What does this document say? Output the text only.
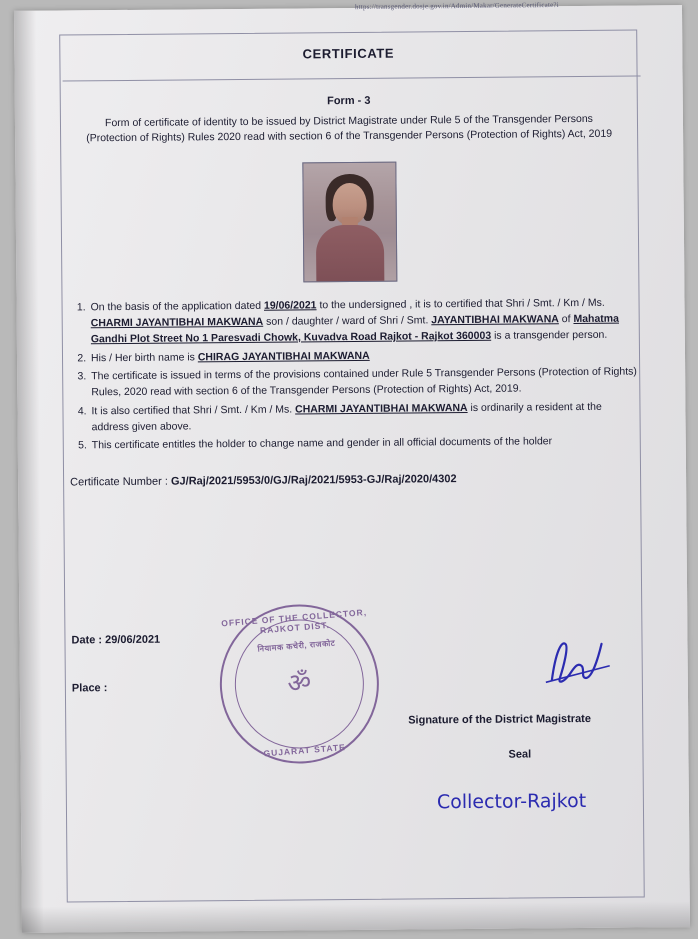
CERTIFICATE
Form - 3
Form of certificate of identity to be issued by District Magistrate under Rule 5 of the Transgender Persons (Protection of Rights) Rules 2020 read with section 6 of the Transgender Persons (Protection of Rights) Act, 2019
1. On the basis of the application dated 19/06/2021 to the undersigned , it is to certified that Shri / Smt. / Km / Ms. CHARMI JAYANTIBHAI MAKWANA son / daughter / ward of Shri / Smt. JAYANTIBHAI MAKWANA of Mahatma Gandhi Plot Street No 1 Paresvadi Chowk, Kuvadva Road Rajkot - Rajkot 360003 is a transgender person.
2. His / Her birth name is CHIRAG JAYANTIBHAI MAKWANA
3. The certificate is issued in terms of the provisions contained under Rule 5 Transgender Persons (Protection of Rights) Rules, 2020 read with section 6 of the Transgender Persons (Protection of Rights) Act, 2019.
4. It is also certified that Shri / Smt. / Km / Ms. CHARMI JAYANTIBHAI MAKWANA is ordinarily a resident at the address given above.
5. This certificate entitles the holder to change name and gender in all official documents of the holder
Certificate Number : GJ/Raj/2021/5953/0/GJ/Raj/2021/5953-GJ/Raj/2020/4302
Date : 29/06/2021
Place :
OFFICE OF THE COLLECTOR, RAJKOT DIST.
नियामक कचेरी, राजकोट
ॐ
GUJARAT STATE
Signature of the District Magistrate
Seal
Collector-Rajkot
https://transgender.dosje.gov.in/Admin/Makar/GenerateCertificate?i
